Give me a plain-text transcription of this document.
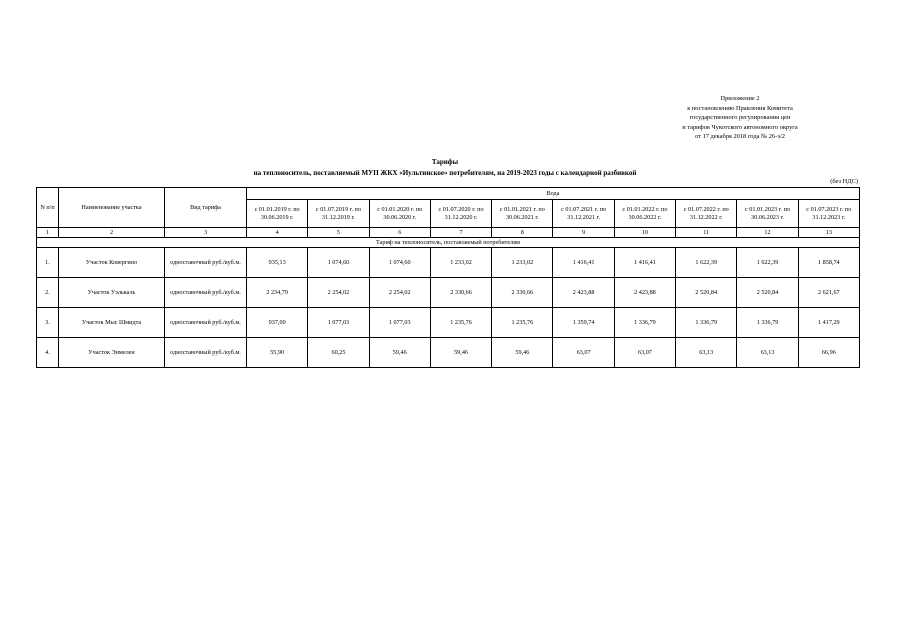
Приложение 2
к постановлению Правления Комитета
государственного регулирования цен
и тарифов Чукотского автономного округа
от 17 декабря 2018 года № 26-э/2
Тарифы
на теплоноситель, поставляемый МУП ЖКХ «Иультинское» потребителям, на 2019-2023 годы с календарной разбивкой
(без НДС)
N п/п	Наименование участка	Вид тарифа	Вода									
			с 01.01.2019 г. по 30.06.2019 г.	с 01.07.2019 г. по 31.12.2019 г.	с 01.01.2020 г. по 30.06.2020 г.	с 01.07.2020 г. по 31.12.2020 г.	с 01.01.2021 г. по 30.06.2021 г.	с 01.07.2021 г. по 31.12.2021 г.	с 01.01.2022 г. по 30.06.2022 г.	с 01.07.2022 г. по 31.12.2022 г.	с 01.01.2023 г. по 30.06.2023 г.	с 01.07.2023 г. по 31.12.2023 г.
1	2	3	4	5	6	7	8	9	10	11	12	13
Тариф на теплоноситель, поставляемый потребителям												
1.	Участок Ковергино	одноставочный руб./куб.м.	935,13	1 074,60	1 074,60	1 233,02	1 233,02	1 416,41	1 416,41	1 622,39	1 622,39	1 858,74
2.	Участок Уэлькаль	одноставочный руб./куб.м.	2 234,79	2 254,02	2 254,02	2 330,66	2 330,66	2 423,88	2 423,88	2 520,84	2 520,84	2 621,67
3.	Участок Мыс Шмидта	одноставочный руб./куб.м.	937,00	1 077,03	1 077,03	1 235,76	1 235,76	1 359,74	1 336,79	1 336,79	1 336,79	1 417,29
4.	Участок Энмелен	одноставочный руб./куб.м.	55,90	60,25	59,46	59,46	59,46	63,07	63,07	63,13	63,13	66,96
